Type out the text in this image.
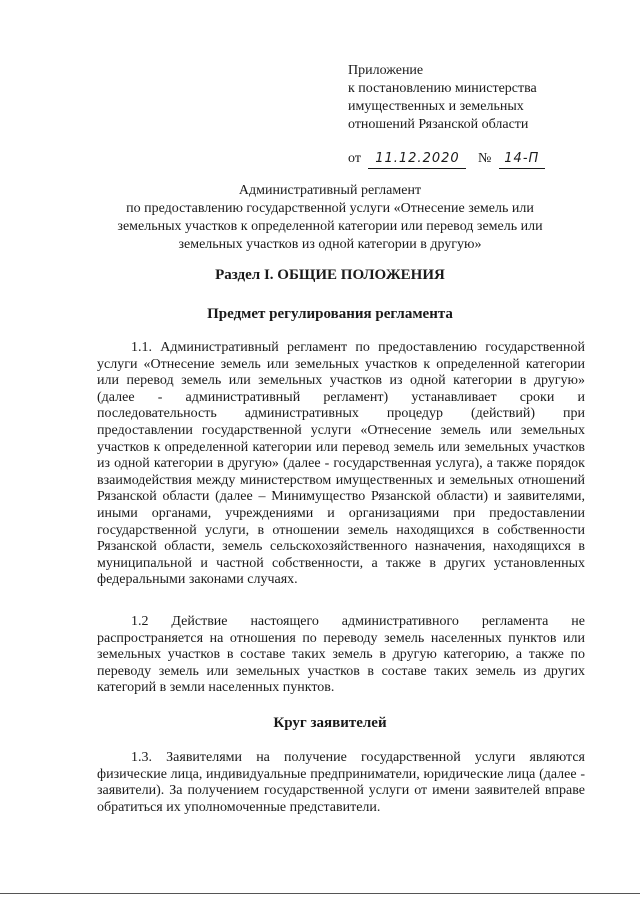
Приложение
к постановлению министерства
имущественных и земельных
отношений Рязанской области
от 11.12.2020 № 14-П
Административный регламент
по предоставлению государственной услуги «Отнесение земель или
земельных участков к определенной категории или перевод земель или
земельных участков из одной категории в другую»
Раздел I. ОБЩИЕ ПОЛОЖЕНИЯ
Предмет регулирования регламента
1.1. Административный регламент по предоставлению государственной услуги «Отнесение земель или земельных участков к определенной категории или перевод земель или земельных участков из одной категории в другую» (далее - административный регламент) устанавливает сроки и последовательность административных процедур (действий) при предоставлении государственной услуги «Отнесение земель или земельных участков к определенной категории или перевод земель или земельных участков из одной категории в другую» (далее - государственная услуга), а также порядок взаимодействия между министерством имущественных и земельных отношений Рязанской области (далее – Минимущество Рязанской области) и заявителями, иными органами, учреждениями и организациями при предоставлении государственной услуги, в отношении земель находящихся в собственности Рязанской области, земель сельскохозяйственного назначения, находящихся в муниципальной и частной собственности, а также в других установленных федеральными законами случаях.
1.2 Действие настоящего административного регламента не распространяется на отношения по переводу земель населенных пунктов или земельных участков в составе таких земель в другую категорию, а также по переводу земель или земельных участков в составе таких земель из других категорий в земли населенных пунктов.
Круг заявителей
1.3. Заявителями на получение государственной услуги являются физические лица, индивидуальные предприниматели, юридические лица (далее - заявители). За получением государственной услуги от имени заявителей вправе обратиться их уполномоченные представители.
